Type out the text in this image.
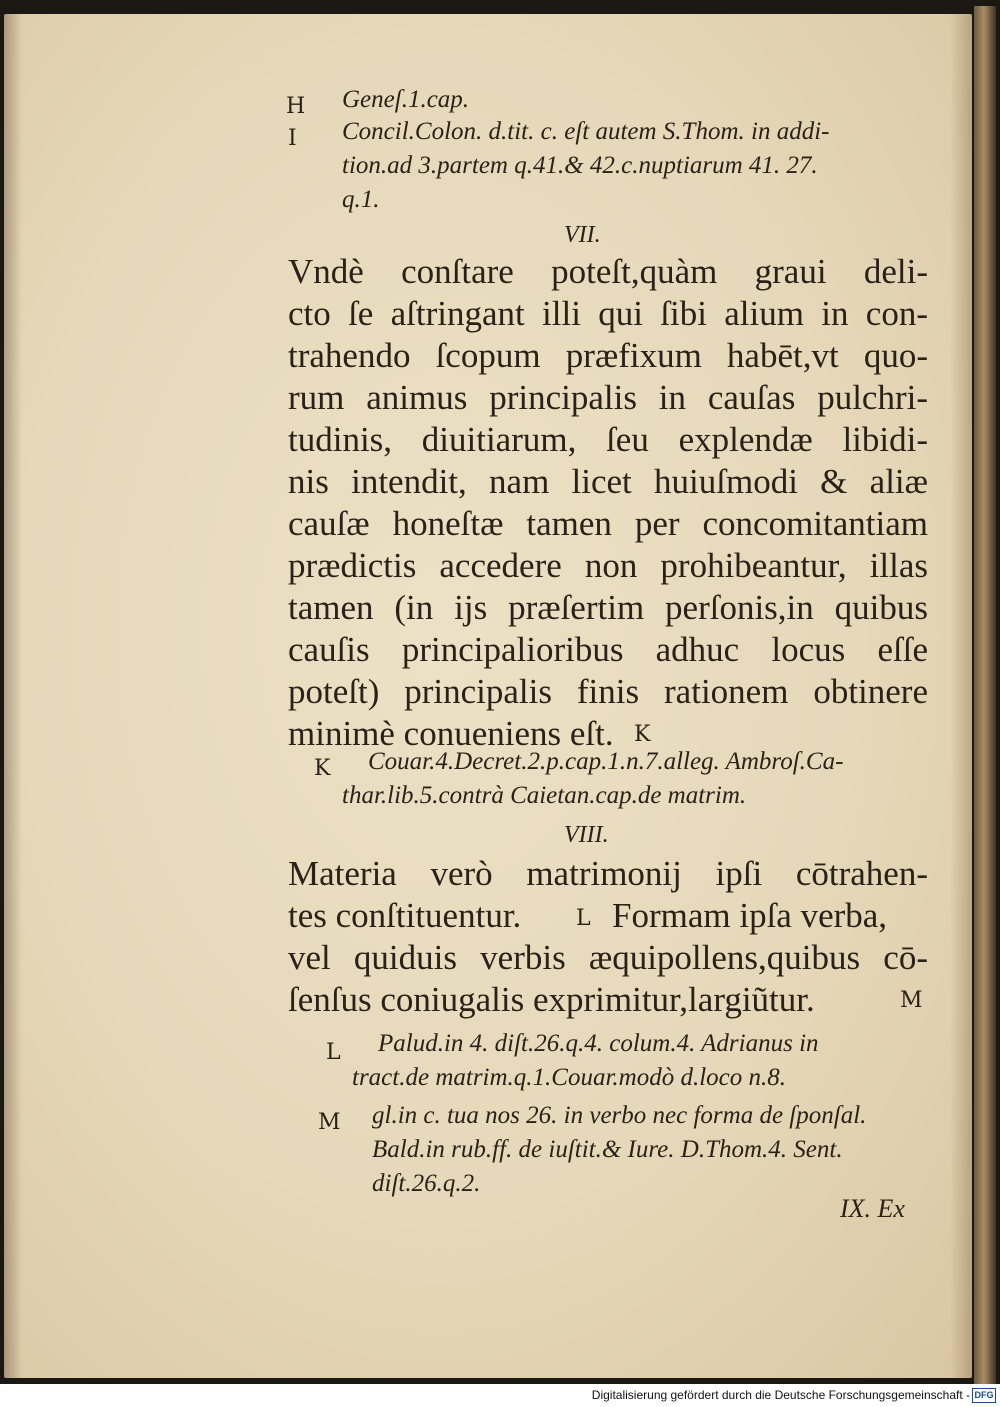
H Geneſ.1.cap.
I Concil.Colon. d.tit. c. eſt autem S.Thom. in addi-
tion.ad 3.partem q.41.& 42.c.nuptiarum 41. 27.
q.1.
VII.
Vndè conſtare poteſt,quàm graui deli-
cto ſe aſtringant illi qui ſibi alium in con-
trahendo ſcopum præfixum habēt,vt quo-
rum animus principalis in cauſas pulchri-
tudinis, diuitiarum, ſeu explendæ libidi-
nis intendit, nam licet huiuſmodi & aliæ
cauſæ honeſtæ tamen per concomitantiam
prædictis accedere non prohibeantur, illas
tamen (in ijs præſertim perſonis,in quibus
cauſis principalioribus adhuc locus eſſe
poteſt) principalis finis rationem obtinere
minimè conueniens eſt. K
K Couar.4.Decret.2.p.cap.1.n.7.alleg. Ambroſ.Ca-
thar.lib.5.contrà Caietan.cap.de matrim.
VIII.
Materia verò matrimonij ipſi cōtrahen-
tes conſtituentur. L Formam ipſa verba,
vel quiduis verbis æquipollens,quibus cō-
ſenſus coniugalis exprimitur,largiũtur.	M
L Palud.in 4. diſt.26.q.4. colum.4. Adrianus in
tract.de matrim.q.1.Couar.modò d.loco n.8.
M gl.in c. tua nos 26. in verbo nec forma de ſponſal.
Bald.in rub.ff. de iuſtit.& Iure. D.Thom.4. Sent.
diſt.26.q.2.
IX. Ex
Digitalisierung gefördert durch die Deutsche Forschungsgemeinschaft - DFG
